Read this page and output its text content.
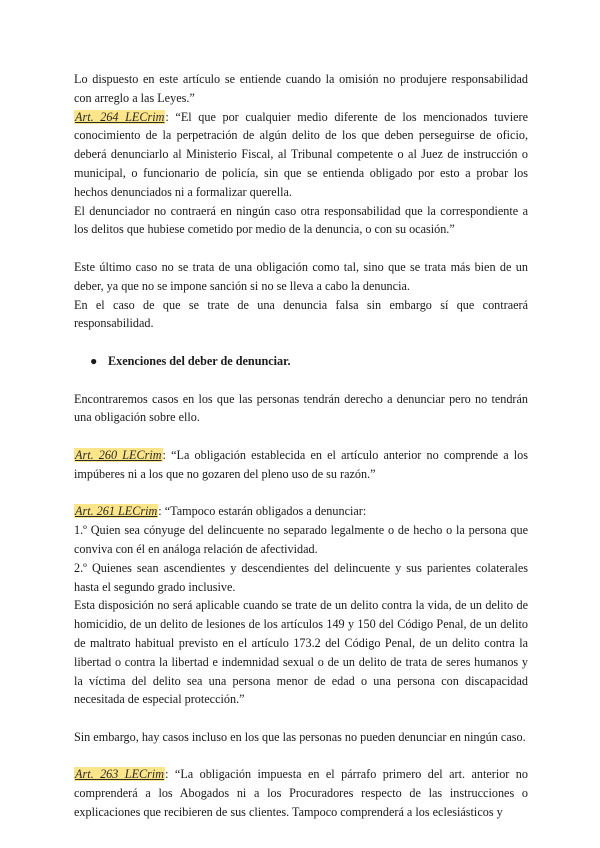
Lo dispuesto en este artículo se entiende cuando la omisión no produjere responsabilidad con arreglo a las Leyes.”

Art. 264 LECrim: “El que por cualquier medio diferente de los mencionados tuviere conocimiento de la perpetración de algún delito de los que deben perseguirse de oficio, deberá denunciarlo al Ministerio Fiscal, al Tribunal competente o al Juez de instrucción o municipal, o funcionario de policía, sin que se entienda obligado por esto a probar los hechos denunciados ni a formalizar querella.

El denunciador no contraerá en ningún caso otra responsabilidad que la correspondiente a los delitos que hubiese cometido por medio de la denuncia, o con su ocasión.”

Este último caso no se trata de una obligación como tal, sino que se trata más bien de un deber, ya que no se impone sanción si no se lleva a cabo la denuncia.

En el caso de que se trate de una denuncia falsa sin embargo sí que contraerá responsabilidad.

● Exenciones del deber de denunciar.

Encontraremos casos en los que las personas tendrán derecho a denunciar pero no tendrán una obligación sobre ello.

Art. 260 LECrim: “La obligación establecida en el artículo anterior no comprende a los impúberes ni a los que no gozaren del pleno uso de su razón.”

Art. 261 LECrim: “Tampoco estarán obligados a denunciar:

1.º Quien sea cónyuge del delincuente no separado legalmente o de hecho o la persona que conviva con él en análoga relación de afectividad.

2.º Quienes sean ascendientes y descendientes del delincuente y sus parientes colaterales hasta el segundo grado inclusive.

Esta disposición no será aplicable cuando se trate de un delito contra la vida, de un delito de homicidio, de un delito de lesiones de los artículos 149 y 150 del Código Penal, de un delito de maltrato habitual previsto en el artículo 173.2 del Código Penal, de un delito contra la libertad o contra la libertad e indemnidad sexual o de un delito de trata de seres humanos y la víctima del delito sea una persona menor de edad o una persona con discapacidad necesitada de especial protección.”

Sin embargo, hay casos incluso en los que las personas no pueden denunciar en ningún caso.

Art. 263 LECrim: “La obligación impuesta en el párrafo primero del art. anterior no comprenderá a los Abogados ni a los Procuradores respecto de las instrucciones o explicaciones que recibieren de sus clientes. Tampoco comprenderá a los eclesiásticos y
